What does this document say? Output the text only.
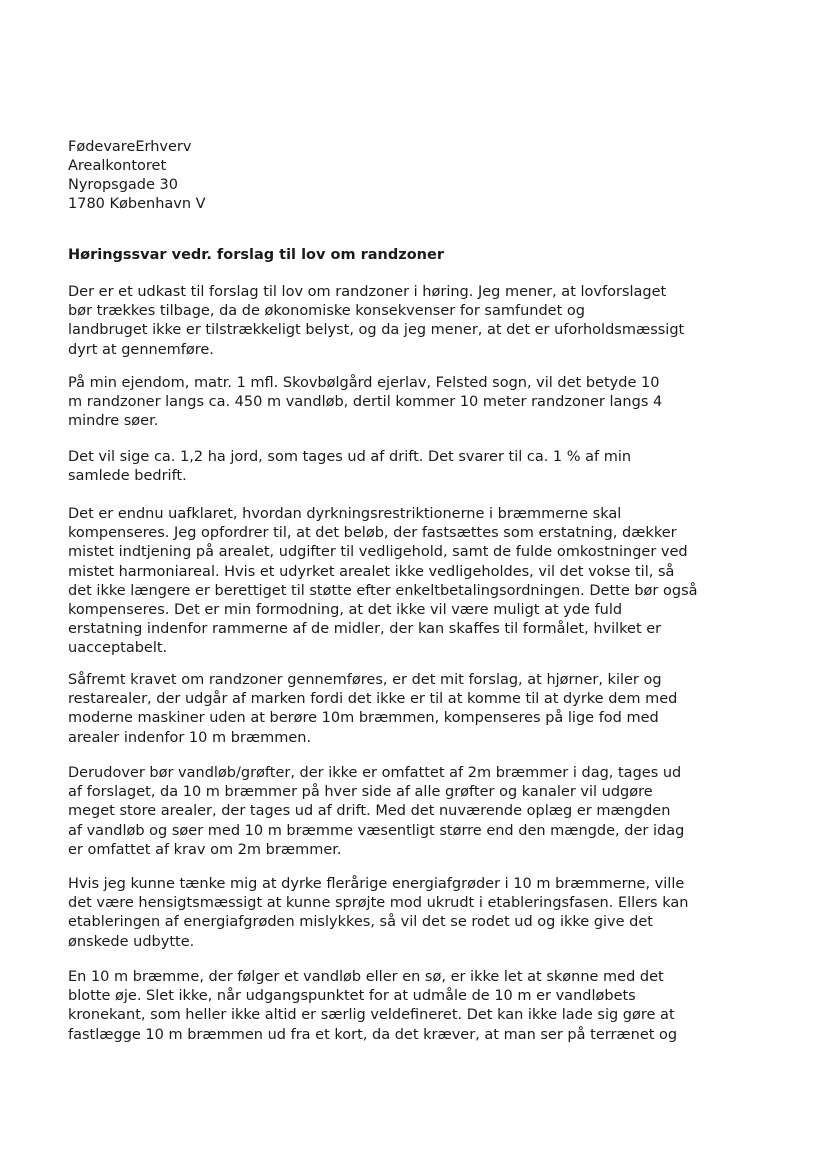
FødevareErhverv
Arealkontoret
Nyropsgade 30
1780 København V
Høringssvar vedr. forslag til lov om randzoner
Der er et udkast til forslag til lov om randzoner i høring. Jeg mener, at lovforslaget
bør trækkes tilbage, da de økonomiske konsekvenser for samfundet og
landbruget ikke er tilstrækkeligt belyst, og da jeg mener, at det er uforholdsmæssigt
dyrt at gennemføre.
På min ejendom, matr. 1 mfl. Skovbølgård ejerlav, Felsted sogn, vil det betyde 10
m randzoner langs ca. 450 m vandløb, dertil kommer 10 meter randzoner langs 4
mindre søer.
Det vil sige ca. 1,2 ha jord, som tages ud af drift. Det svarer til ca. 1 % af min
samlede bedrift.
Det er endnu uafklaret, hvordan dyrkningsrestriktionerne i bræmmerne skal
kompenseres. Jeg opfordrer til, at det beløb, der fastsættes som erstatning, dækker
mistet indtjening på arealet, udgifter til vedligehold, samt de fulde omkostninger ved
mistet harmoniareal. Hvis et udyrket arealet ikke vedligeholdes, vil det vokse til, så
det ikke længere er berettiget til støtte efter enkeltbetalingsordningen. Dette bør også
kompenseres. Det er min formodning, at det ikke vil være muligt at yde fuld
erstatning indenfor rammerne af de midler, der kan skaffes til formålet, hvilket er
uacceptabelt.
Såfremt kravet om randzoner gennemføres, er det mit forslag, at hjørner, kiler og
restarealer, der udgår af marken fordi det ikke er til at komme til at dyrke dem med
moderne maskiner uden at berøre 10m bræmmen, kompenseres på lige fod med
arealer indenfor 10 m bræmmen.
Derudover bør vandløb/grøfter, der ikke er omfattet af 2m bræmmer i dag, tages ud
af forslaget, da 10 m bræmmer på hver side af alle grøfter og kanaler vil udgøre
meget store arealer, der tages ud af drift. Med det nuværende oplæg er mængden
af vandløb og søer med 10 m bræmme væsentligt større end den mængde, der idag
er omfattet af krav om 2m bræmmer.
Hvis jeg kunne tænke mig at dyrke flerårige energiafgrøder i 10 m bræmmerne, ville
det være hensigtsmæssigt at kunne sprøjte mod ukrudt i etableringsfasen. Ellers kan
etableringen af energiafgrøden mislykkes, så vil det se rodet ud og ikke give det
ønskede udbytte.
En 10 m bræmme, der følger et vandløb eller en sø, er ikke let at skønne med det
blotte øje. Slet ikke, når udgangspunktet for at udmåle de 10 m er vandløbets
kronekant, som heller ikke altid er særlig veldefineret. Det kan ikke lade sig gøre at
fastlægge 10 m bræmmen ud fra et kort, da det kræver, at man ser på terrænet og
